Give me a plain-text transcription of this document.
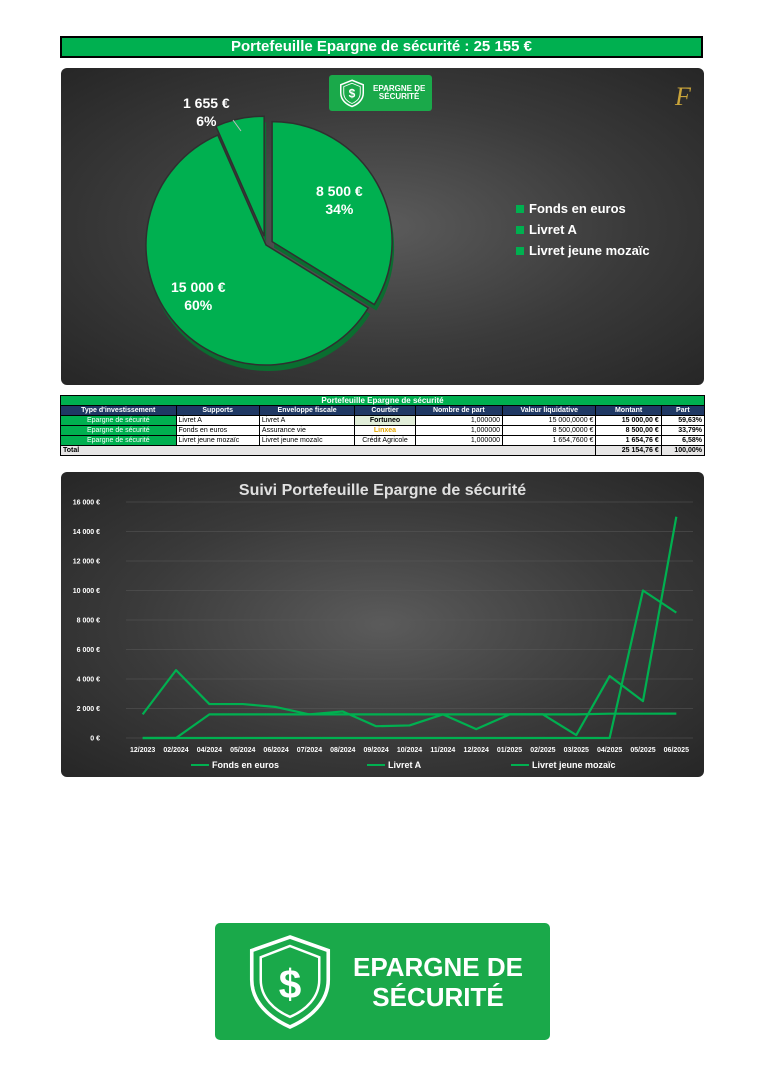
Portefeuille Epargne de sécurité : 25 155 €
$ EPARGNE DE
SÉCURITÉ	F
1 655 €
6%
8 500 €
34%
15 000 €
60%
Fonds en euros
Livret A
Livret jeune mozaïc
Portefeuille Epargne de sécurité							
Type d'investissement	Supports	Enveloppe fiscale	Courtier	Nombre de part	Valeur liquidative	Montant	Part
Epargne de sécurité	Livret A	Livret A	Fortuneo	1,000000	15 000,0000 €	15 000,00 €	59,63%
Epargne de sécurité	Fonds en euros	Assurance vie	Linxea	1,000000	8 500,0000 €	8 500,00 €	33,79%
Epargne de sécurité	Livret jeune mozaïc	Livret jeune mozaïc	Crédit Agricole	1,000000	1 654,7600 €	1 654,76 €	6,58%
Total						25 154,76 €	100,00%
Suivi Portefeuille Epargne de sécurité
0 €
2 000 €
4 000 €
6 000 €
8 000 €
10 000 €
12 000 €
14 000 €
16 000 €
12/2023 02/2024 04/2024 05/2024 06/2024 07/2024 08/2024 09/2024 10/2024 11/2024 12/2024 01/2025 02/2025 03/2025 04/2025 05/2025 06/2025
Fonds en euros	Livret A	Livret jeune mozaïc
$ EPARGNE DE
SÉCURITÉ
